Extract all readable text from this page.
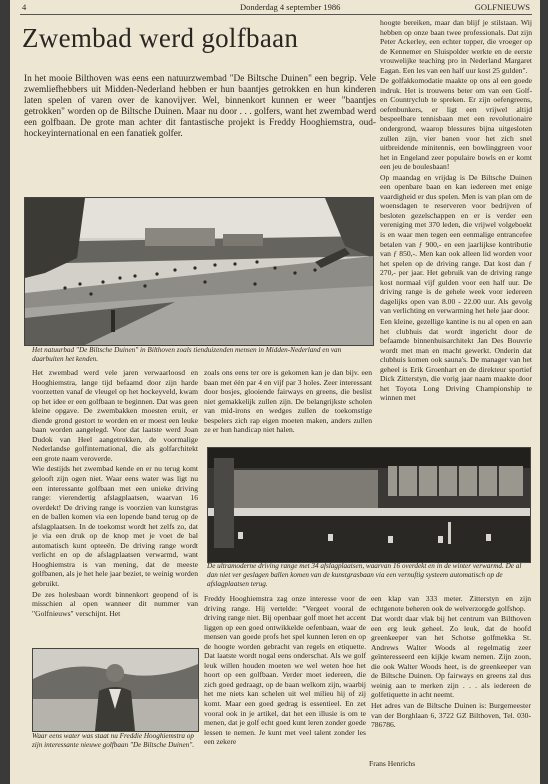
4	Donderdag 4 september 1986	GOLFNIEUWS
Zwembad werd golfbaan
In het mooie Bilthoven was eens een natuurzwembad "De Biltsche Duinen" een begrip. Vele zwemliefhebbers uit Midden-Nederland hebben er hun baantjes getrokken en hun kinderen laten spelen of varen over de kanovijver. Wel, binnenkort kunnen er weer "baantjes getrokken" worden op de Biltsche Duinen. Maar nu door . . . golfers, want het zwembad werd een golfbaan. De grote man achter dit fantastische projekt is Freddy Hooghiemstra, oud-hockeyinternational en een fanatiek golfer.
Het natuurbad "De Biltsche Duinen" in Bilthoven zoals tienduizenden mensen in Midden-Nederland en van daarbuiten het kenden.

Het zwembad werd vele jaren verwaarloosd en Hooghiemstra, lange tijd befaamd door zijn harde voorzetten vanaf de vleugel op het hockeyveld, kwam op het idee er een golfbaan te beginnen. Dat was geen kleine opgave. De zwembakken moesten eruit, er diende grond gestort te worden en er moest een leuke baan worden aangelegd. Voor dat laatste werd Joan Dudok van Heel aangetrokken, de voormalige Nederlandse golfinternational, die als golfarchitekt een grote naam veroverde.

Wie destijds het zwembad kende en er nu terug komt gelooft zijn ogen niet. Waar eens water was ligt nu een interessante golfbaan met een unieke driving range: vierendertig afslagplaatsen, waarvan 16 overdekt! De driving range is voorzien van kunstgras en de ballen komen via een lopende band terug op de afslagplaatsen. In de toekomst wordt het zelfs zo, dat je via een druk op de knop met je voet de bal automatisch kunt opteeën. De driving range wordt verlicht en op de afslagplaatsen verwarmd, want Hooghiemstra is van mening, dat de meeste golfbanen, als je het hele jaar beziet, te weinig worden gebruikt.

De zes holesbaan wordt binnenkort geopend of is misschien al open wanneer dit nummer van "Golfnieuws" verschijnt. Het

Waar eens water was staat nu Freddie Hooghiemstra op zijn interessante nieuwe golfbaan "De Biltsche Duinen".

zoals ons eens ter ore is gekomen kan je dan bijv. een baan met één par 4 en vijf par 3 holes. Zeer interessant door bosjes, glooiende fairways en greens, die beslist niet gemakkelijk zullen zijn. De belangrijkste scholen van mid-irons en wedges zullen de toekomstige bespelers zich rap eigen moeten maken, anders zullen ze er hun handicap niet halen.

De ultramoderne driving range met 34 afslagplaatsen, waarvan 16 overdekt en in de winter verwarmd. De al dan niet ver geslagen ballen komen van de kunstgrasbaan via een vernuftig systeem automatisch op de afslagplaatsen terug.

Freddy Hooghiemstra zag onze interesse voor de driving range. Hij vertelde: "Vergeet vooral de driving range niet. Bij openbaar golf moet het accent liggen op een goed ontwikkelde oefenbaan, waar de mensen van goede profs het spel kunnen leren en op de hoogte worden gebracht van regels en etiquette. Dat laatste wordt nogal eens onderschat. Als we golf leuk willen houden moeten we wel weten hoe het hoort op een golfbaan. Verder moet iedereen, die zich goed gedraagt, op de baan welkom zijn, waarbij het me niets kan schelen uit wel milieu hij of zij komt. Maar een goed gedrag is essentieel. En zet vooral ook in je artikel, dat het een illusie is om te menen, dat je golf echt goed kunt leren zonder goede lessen te nemen. Je kunt met veel talent zonder les een zekere

hoogte bereiken, maar dan blijf je stilstaan. Wij hebben op onze baan twee professionals. Dat zijn Peter Ackerley, een echter topper, die vroeger op de Kennemer en Sluispolder werkte en de eerste vrouwelijke teaching pro in Nederland Margaret Eagan. Een les van een half uur kost 25 gulden".

De golfakkomodatie maakte op ons al een goede indruk. Het is trouwens beter om van een Golf- en Countryclub te spreken. Er zijn oefengreens, oefenbunkers, er ligt een vrijwel altijd bespeelbare tennisbaan met een revolutionaire ondergrond, waarop blessures bijna uitgesloten zullen zijn, vier banen voor het zich snel uitbreidende minitennis, een bowlinggreen voor het in Engeland zeer populaire bowls en er komt een jeu de boulesbaan!

Op maandag en vrijdag is De Biltsche Duinen een openbare baan en kan iedereen met enige vaardigheid er dus spelen. Men is van plan om de woensdagen te reserveren voor bedrijven of besloten gezelschappen en er is verder een vereniging met 370 leden, die vrijwel volgeboekt is en waar men tegen een eenmalige entrancefee betalen van ƒ 900,- en een jaarlijkse kontributie van ƒ 850,-. Men kan ook alleen lid worden voor het spelen op de driving range. Dat kost dan ƒ 270,- per jaar. Het gebruik van de driving range kost normaal vijf gulden voor een half uur. De driving range is de gehele week voor iedereen dagelijks open van 8.00 - 22.00 uur. Als gevolg van verlichting en verwarming het hele jaar door.

Een kleine, gezellige kantine is nu al open en aan het clubhuis dat wordt ingericht door de befaamde binnenhuisarchitekt Jan Des Bouvrie wordt met man en macht gewerkt. Onderin dat clubhuis komen ook sauna's. De manager van het geheel is Erik Groenhart en de direkteur sportief Dick Zitterstyn, die vorig jaar naam maakte door het Toyota Long Driving Championship te winnen met

een klap van 333 meter. Zitterstyn en zijn echtgenote beheren ook de welverzorgde golfshop.

Dat wordt daar vlak bij het centrum van Bilthoven een erg leuk geheel. Zo leuk, dat de hoofd greenkeeper van het Schotse golfmekka St. Andrews Walter Woods al regelmatig zeer geïnteresseerd een kijkje kwam nemen. Zijn zoon, die ook Walter Woods heet, is de greenkeeper van de Biltsche Duinen. Op fairways en greens zal dus weinig aan te merken zijn . . . als iedereen de golfetiquette in acht neemt.

Het adres van de Biltsche Duinen is: Burgemeester van der Borghlaan 6, 3722 GZ Bilthoven, Tel. 030-786786.

Frans Henrichs
